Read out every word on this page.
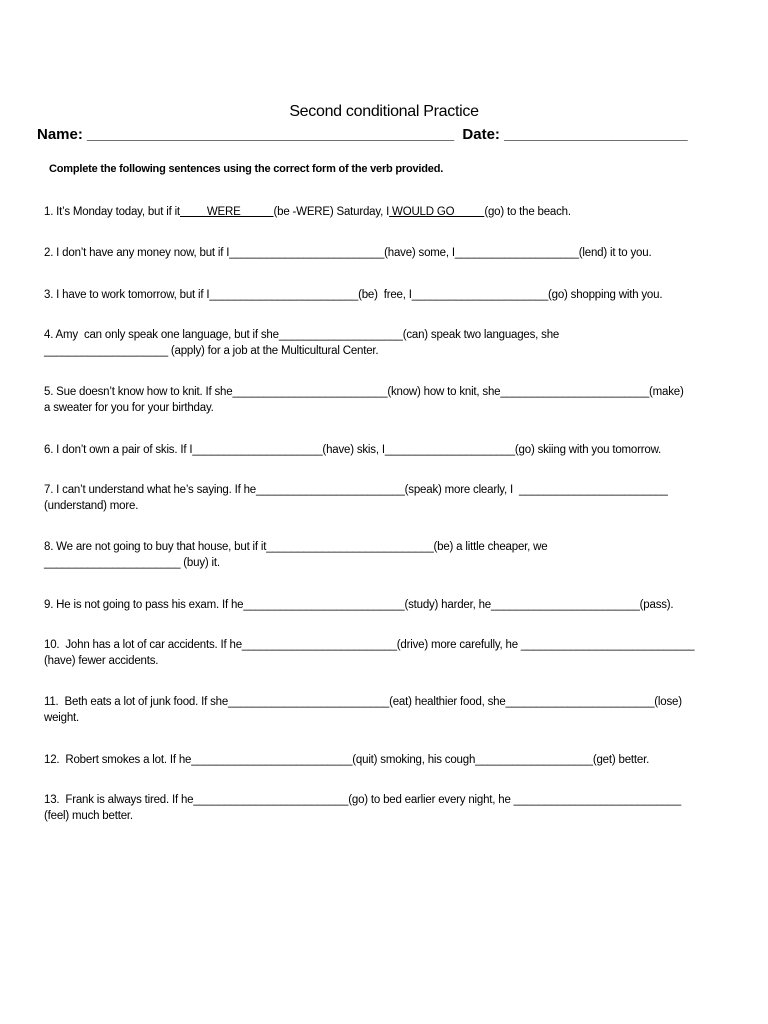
Second conditional Practice
Name: ____________________________________________  Date: ______________________
Complete the following sentences using the correct form of the verb provided.
1. It’s Monday today, but if it         WERE           (be -WERE) Saturday, I WOULD GO          (go) to the beach.
2. I don’t have any money now, but if I_________________________(have) some, I____________________(lend) it to you.
3. I have to work tomorrow, but if I________________________(be)  free, I______________________(go) shopping with you.
4. Amy  can only speak one language, but if she____________________(can) speak two languages, she
____________________ (apply) for a job at the Multicultural Center.
5. Sue doesn’t know how to knit. If she_________________________(know) how to knit, she________________________(make)
a sweater for you for your birthday.
6. I don’t own a pair of skis. If I_____________________(have) skis, I_____________________(go) skiing with you tomorrow.
7. I can’t understand what he’s saying. If he________________________(speak) more clearly, I  ________________________
(understand) more.
8. We are not going to buy that house, but if it___________________________(be) a little cheaper, we
______________________ (buy) it.
9. He is not going to pass his exam. If he__________________________(study) harder, he________________________(pass).
10.  John has a lot of car accidents. If he_________________________(drive) more carefully, he ____________________________
(have) fewer accidents.
11.  Beth eats a lot of junk food. If she__________________________(eat) healthier food, she________________________(lose)
weight.
12.  Robert smokes a lot. If he__________________________(quit) smoking, his cough___________________(get) better.
13.  Frank is always tired. If he_________________________(go) to bed earlier every night, he ___________________________
(feel) much better.
